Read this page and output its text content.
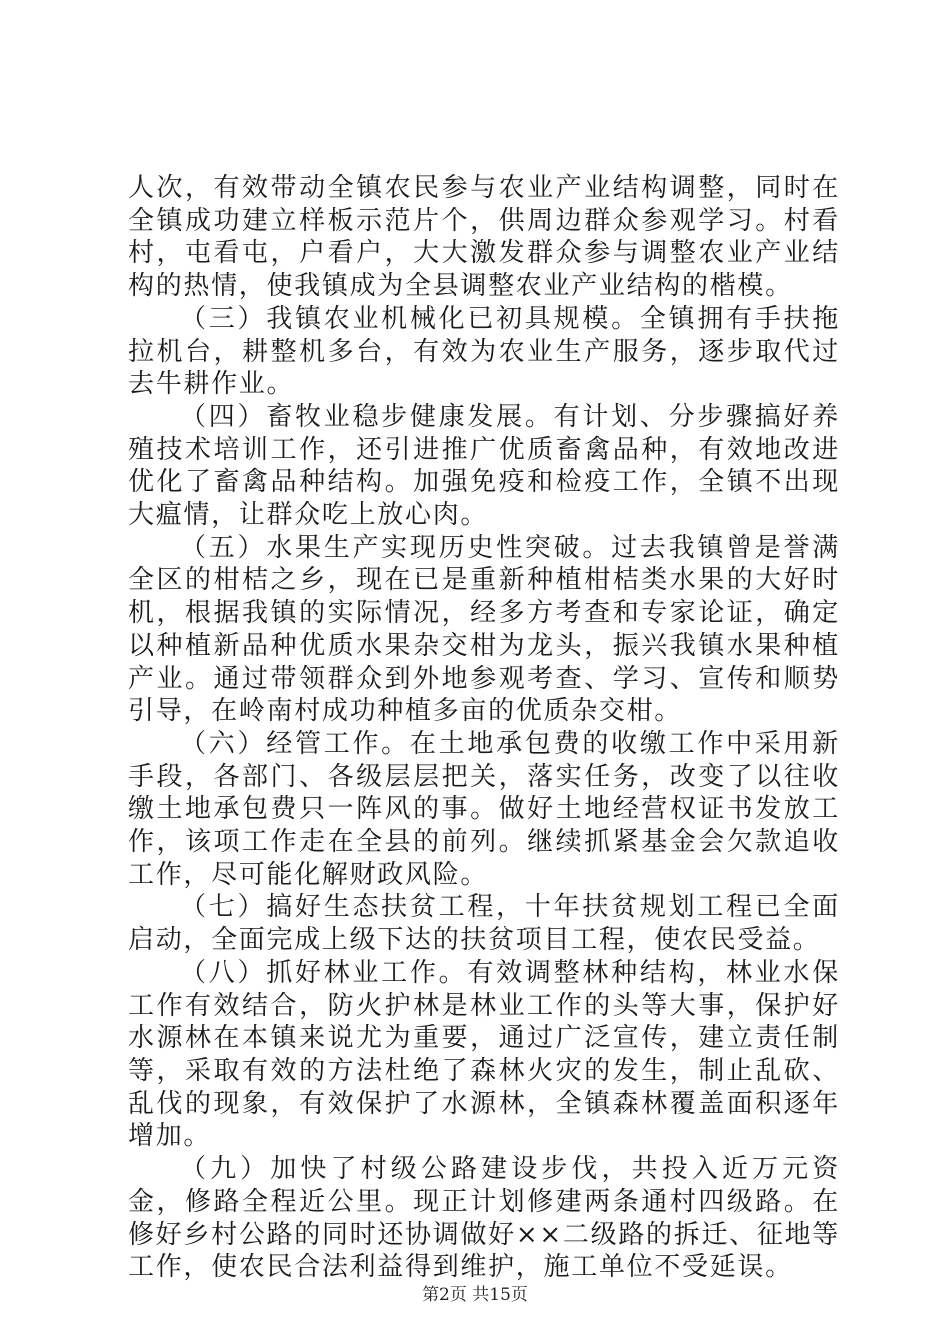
人次，有效带动全镇农民参与农业产业结构调整，同时在全镇成功建立样板示范片个，供周边群众参观学习。村看村，屯看屯，户看户，大大激发群众参与调整农业产业结构的热情，使我镇成为全县调整农业产业结构的楷模。

（三）我镇农业机械化已初具规模。全镇拥有手扶拖拉机台，耕整机多台，有效为农业生产服务，逐步取代过去牛耕作业。

（四）畜牧业稳步健康发展。有计划、分步骤搞好养殖技术培训工作，还引进推广优质畜禽品种，有效地改进优化了畜禽品种结构。加强免疫和检疫工作，全镇不出现大瘟情，让群众吃上放心肉。

（五）水果生产实现历史性突破。过去我镇曾是誉满全区的柑桔之乡，现在已是重新种植柑桔类水果的大好时机，根据我镇的实际情况，经多方考查和专家论证，确定以种植新品种优质水果杂交柑为龙头，振兴我镇水果种植产业。通过带领群众到外地参观考查、学习、宣传和顺势引导，在岭南村成功种植多亩的优质杂交柑。

（六）经管工作。在土地承包费的收缴工作中采用新手段，各部门、各级层层把关，落实任务，改变了以往收缴土地承包费只一阵风的事。做好土地经营权证书发放工作，该项工作走在全县的前列。继续抓紧基金会欠款追收工作，尽可能化解财政风险。

（七）搞好生态扶贫工程，十年扶贫规划工程已全面启动，全面完成上级下达的扶贫项目工程，使农民受益。

（八）抓好林业工作。有效调整林种结构，林业水保工作有效结合，防火护林是林业工作的头等大事，保护好水源林在本镇来说尤为重要，通过广泛宣传，建立责任制等，采取有效的方法杜绝了森林火灾的发生，制止乱砍、乱伐的现象，有效保护了水源林，全镇森林覆盖面积逐年增加。

（九）加快了村级公路建设步伐，共投入近万元资金，修路全程近公里。现正计划修建两条通村四级路。在修好乡村公路的同时还协调做好××二级路的拆迁、征地等工作，使农民合法利益得到维护，施工单位不受延误。

第2页 共15页
